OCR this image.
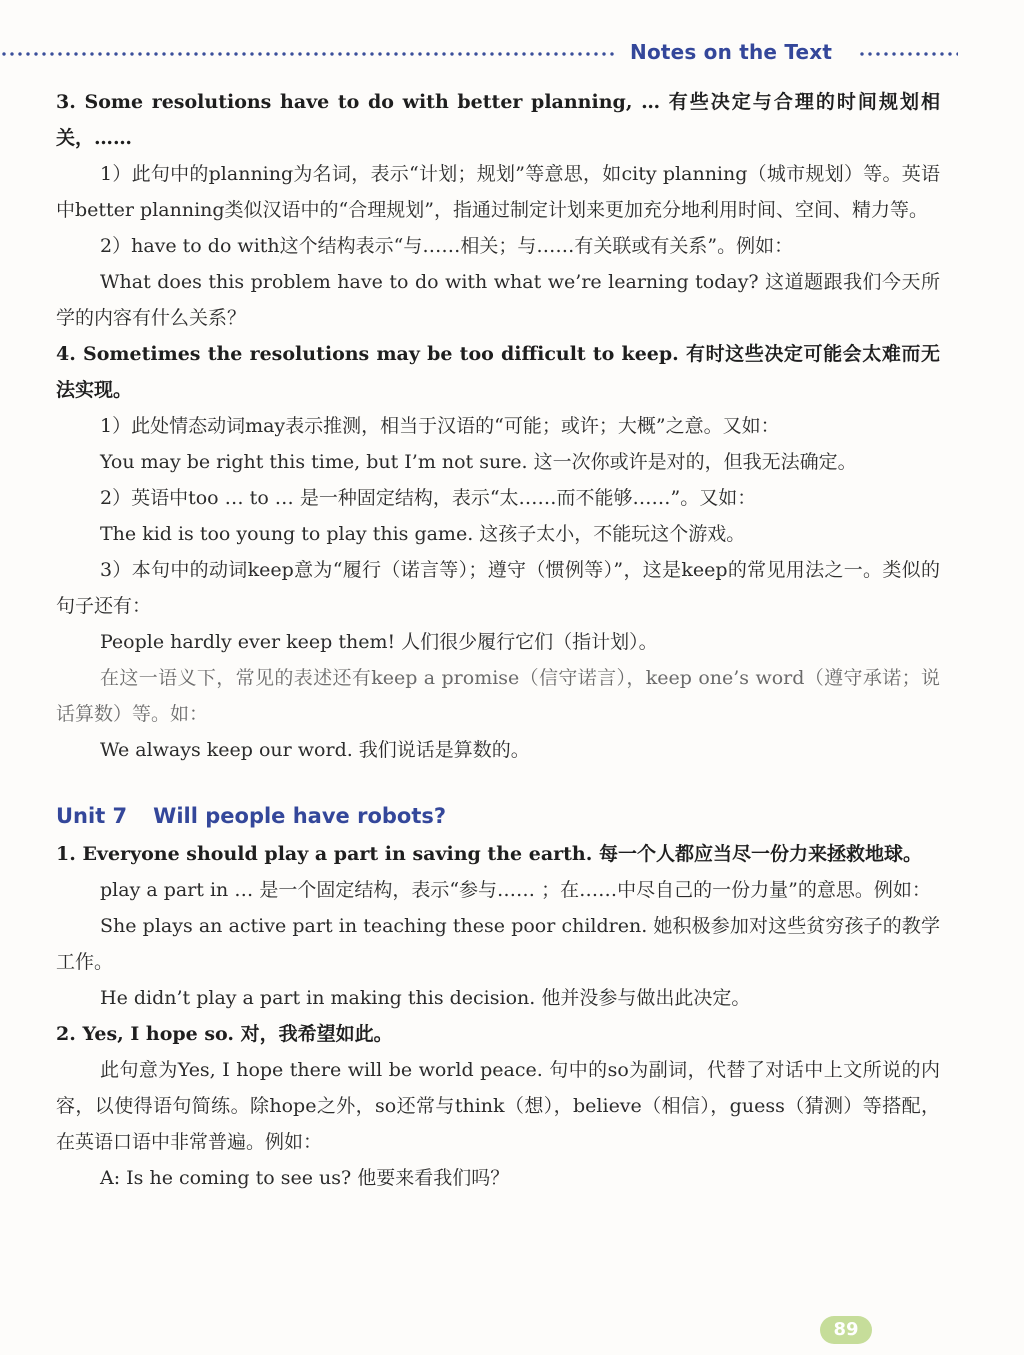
Notes on the Text

3. Some resolutions have to do with better planning, … 有些决定与合理的时间规划相关，……

1）此句中的planning为名词，表示“计划；规划”等意思，如city planning（城市规划）等。英语中better planning类似汉语中的“合理规划”，指通过制定计划来更加充分地利用时间、空间、精力等。

2）have to do with这个结构表示“与……相关；与……有关联或有关系”。例如：

What does this problem have to do with what we’re learning today? 这道题跟我们今天所学的内容有什么关系？

4. Sometimes the resolutions may be too difficult to keep. 有时这些决定可能会太难而无法实现。

1）此处情态动词may表示推测，相当于汉语的“可能；或许；大概”之意。又如：

You may be right this time, but I’m not sure. 这一次你或许是对的，但我无法确定。

2）英语中too … to … 是一种固定结构，表示“太……而不能够……”。又如：

The kid is too young to play this game. 这孩子太小，不能玩这个游戏。

3）本句中的动词keep意为“履行（诺言等）；遵守（惯例等）”，这是keep的常见用法之一。类似的句子还有：

People hardly ever keep them! 人们很少履行它们（指计划）。

在这一语义下，常见的表述还有keep a promise（信守诺言），keep one’s word（遵守承诺；说话算数）等。如：

We always keep our word. 我们说话是算数的。

Unit 7 Will people have robots?

1. Everyone should play a part in saving the earth. 每一个人都应当尽一份力来拯救地球。

play a part in … 是一个固定结构，表示“参与…… ；在……中尽自己的一份力量”的意思。例如：

She plays an active part in teaching these poor children. 她积极参加对这些贫穷孩子的教学工作。

He didn’t play a part in making this decision. 他并没参与做出此决定。

2. Yes, I hope so. 对，我希望如此。

此句意为Yes, I hope there will be world peace. 句中的so为副词，代替了对话中上文所说的内容，以使得语句简练。除hope之外，so还常与think（想），believe（相信），guess（猜测）等搭配，在英语口语中非常普遍。例如：

A: Is he coming to see us? 他要来看我们吗？

89
